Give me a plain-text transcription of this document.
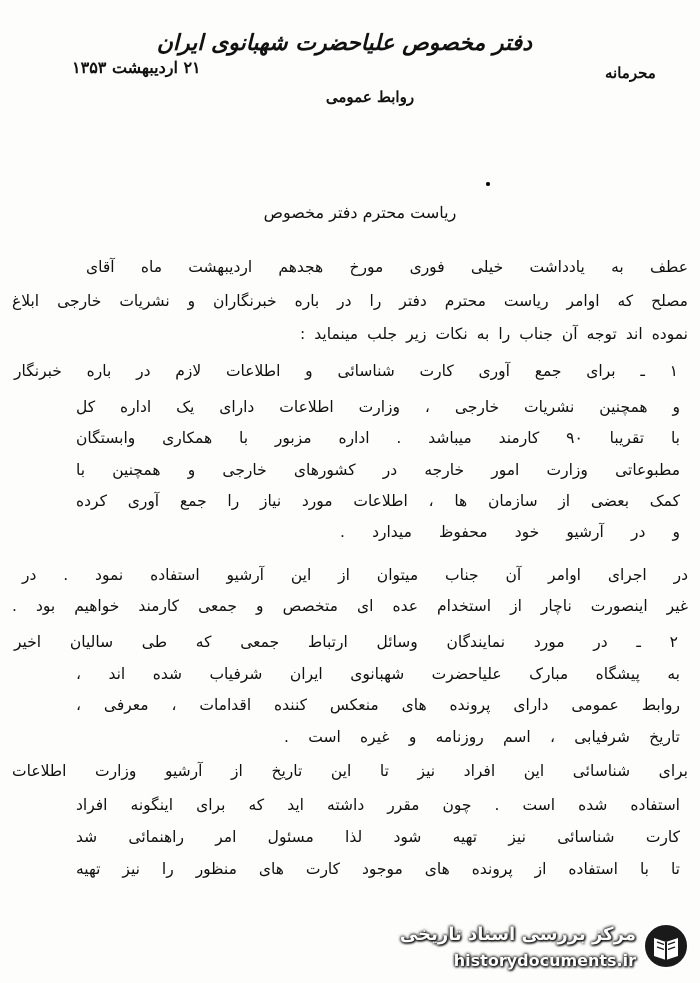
محرمانه
دفتر مخصوص علیاحضرت شهبانوی ایران
روابط عمومی
۲۱ اردیبهشت ۱۳۵۳
ریاست محترم دفتر مخصوص
عطف به یادداشت خیلی فوری مورخ هجدهم اردیبهشت ماه آقای
مصلح که اوامر ریاست محترم دفتر را در باره خبرنگاران و نشریات خارجی ابلاغ
نموده اند توجه آن جناب را به نکات زیر جلب مینماید :
۱ ـ برای جمع آوری کارت شناسائی و اطلاعات لازم در باره خبرنگار
و همچنین نشریات خارجی ، وزارت اطلاعات دارای یک اداره کل
با تقریبا ۹۰ کارمند میباشد . اداره مزبور با همکاری وابستگان
مطبوعاتی وزارت امور خارجه در کشورهای خارجی و همچنین با
کمک بعضی از سازمان ها ، اطلاعات مورد نیاز را جمع آوری کرده
و در آرشیو خود محفوظ میدارد .
در اجرای اوامر آن جناب میتوان از این آرشیو استفاده نمود . در
غیر اینصورت ناچار از استخدام عده ای متخصص و جمعی کارمند خواهیم بود .
۲ ـ در مورد نمایندگان وسائل ارتباط جمعی که طی سالیان اخیر
به پیشگاه مبارک علیاحضرت شهبانوی ایران شرفیاب شده اند ،
روابط عمومی دارای پرونده های منعکس کننده اقدامات ، معرفی ،
تاریخ شرفیابی ، اسم روزنامه و غیره است .
برای شناسائی این افراد نیز تا این تاریخ از آرشیو وزارت اطلاعات
استفاده شده است . چون مقرر داشته اید که برای اینگونه افراد
کارت شناسائی نیز تهیه شود لذا مسئول امر راهنمائی شد
تا با استفاده از پرونده های موجود کارت های منظور را نیز تهیه
مرکز بررسی اسناد تاریخی
historydocuments.ir
